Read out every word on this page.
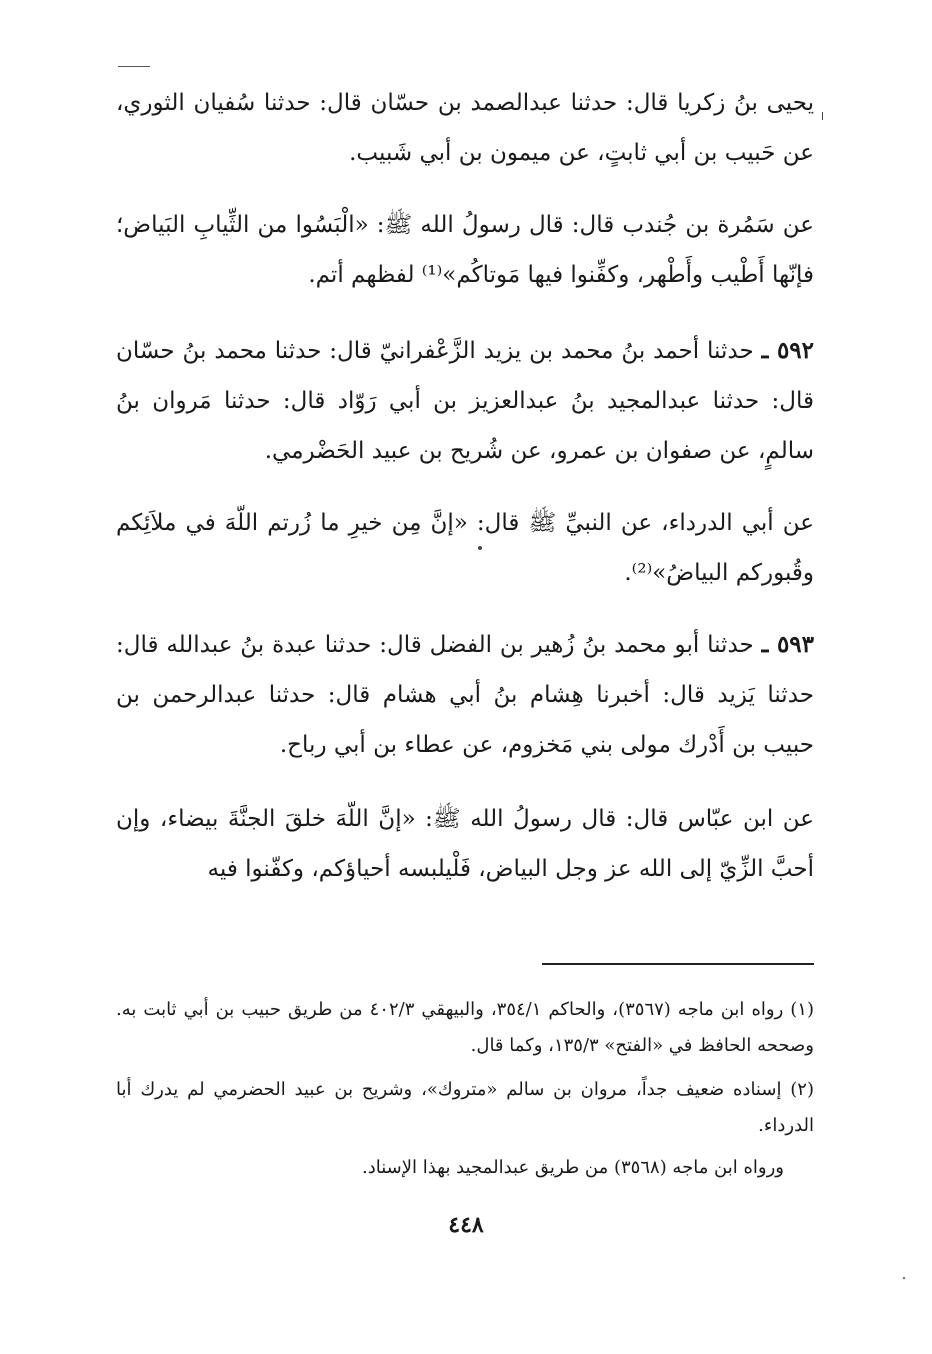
يحيى بنُ زكريا قال: حدثنا عبدالصمد بن حسّان قال: حدثنا سُفيان الثوري، عن حَبيب بن أبي ثابتٍ، عن ميمون بن أبي شَبيب.

عن سَمُرة بن جُندب قال: قال رسولُ الله ﷺ: «الْبَسُوا من الثِّيابِ البَياض؛ فإنّها أَطْيب وأَطْهر، وكفِّنوا فيها مَوتاكُم»⁽¹⁾ لفظهم أتم.

٥٩٢ ـ حدثنا أحمد بنُ محمد بن يزيد الزَّعْفرانيّ قال: حدثنا محمد بنُ حسّان قال: حدثنا عبدالمجيد بنُ عبدالعزيز بن أبي رَوّاد قال: حدثنا مَروان بنُ سالمٍ، عن صفوان بن عمرو، عن شُريح بن عبيد الحَضْرمي.

عن أبي الدرداء، عن النبيِّ ﷺ قال: «إنَّ مِن خيرِ ما زُرتم اللّهَ في ملاَئِكم وقُبوركم البياضُ»⁽²⁾.

٥٩٣ ـ حدثنا أبو محمد بنُ زُهير بن الفضل قال: حدثنا عبدة بنُ عبدالله قال: حدثنا يَزيد قال: أخبرنا هِشام بنُ أبي هشام قال: حدثنا عبدالرحمن بن حبيب بن أَدْرك مولى بني مَخزوم، عن عطاء بن أبي رباح.

عن ابن عبّاس قال: قال رسولُ الله ﷺ: «إنَّ اللّهَ خلقَ الجنَّةَ بيضاء، وإن أحبَّ الزِّيّ إلى الله عز وجل البياض، فَلْيلبسه أحياؤكم، وكفّنوا فيه

(١) رواه ابن ماجه (٣٥٦٧)، والحاكم ٣٥٤/١، والبيهقي ٤٠٢/٣ من طريق حبيب بن أبي ثابت به. وصححه الحافظ في «الفتح» ١٣٥/٣، وكما قال.

(٢) إسناده ضعيف جداً، مروان بن سالم «متروك»، وشريح بن عبيد الحضرمي لم يدرك أبا الدرداء.

ورواه ابن ماجه (٣٥٦٨) من طريق عبدالمجيد بهذا الإسناد.

٤٤٨
